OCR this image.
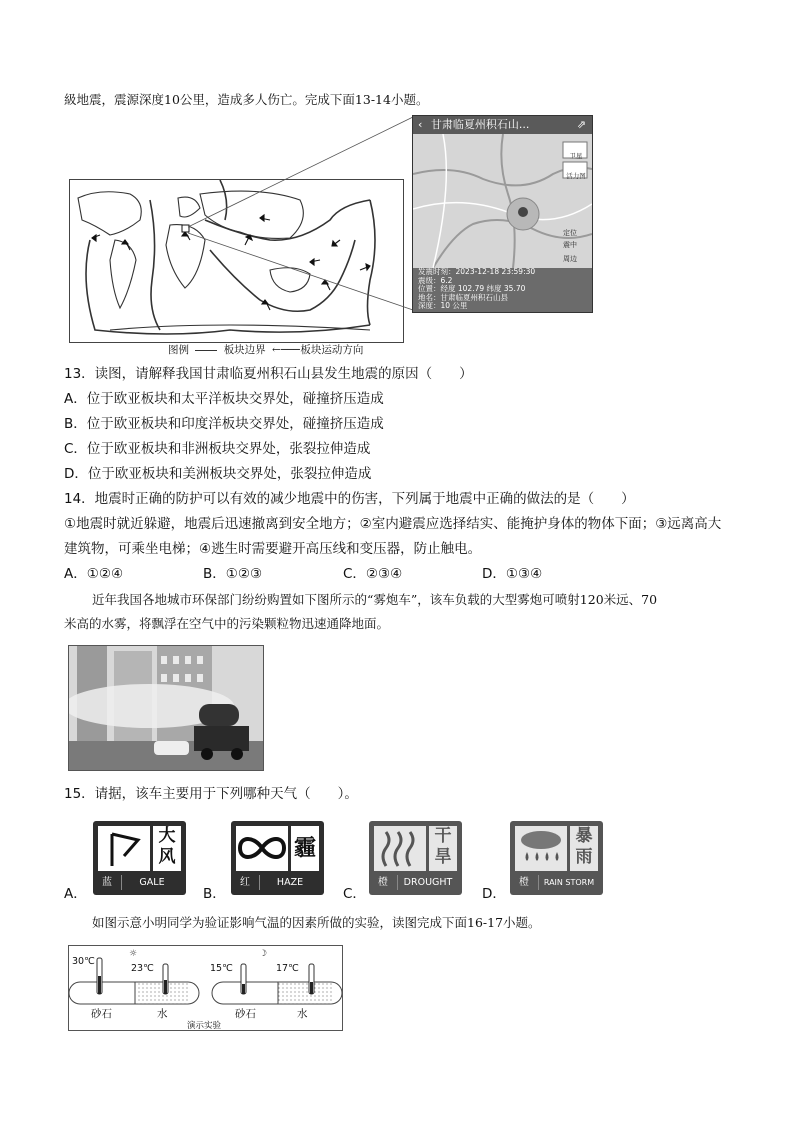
級地震，震源深度10公里，造成多人伤亡。完成下面13-14小题。
图例	板块边界 ←─── 板块运动方向
‹ 甘肃临夏州积石山...	⇗
卫星
活力图
定位
震中
周边
发震时刻：2023-12-18 23:59:30
震级：6.2
位置：经度 102.79 纬度 35.70
地名：甘肃临夏州积石山县
深度：10 公里
13．读图，请解释我国甘肃临夏州积石山县发生地震的原因（　　）
A．位于欧亚板块和太平洋板块交界处，碰撞挤压造成
B．位于欧亚板块和印度洋板块交界处，碰撞挤压造成
C．位于欧亚板块和非洲板块交界处，张裂拉伸造成
D．位于欧亚板块和美洲板块交界处，张裂拉伸造成
14．地震时正确的防护可以有效的减少地震中的伤害，下列属于地震中正确的做法的是（　　）
①地震时就近躲避，地震后迅速撤离到安全地方；②室内避震应选择结实、能掩护身体的物体下面；③远离高大
建筑物，可乘坐电梯；④逃生时需要避开高压线和变压器，防止触电。
A．①②④	B．①②③	C．②③④	D．①③④
近年我国各地城市环保部门纷纷购置如下图所示的“雾炮车”，该车负载的大型雾炮可喷射120米远、70
米高的水雾，将飘浮在空气中的污染颗粒物迅速通降地面。
15．请据，该车主要用于下列哪种天气（　　）。
A．
大风
蓝	GALE
B．
霾
红	HAZE
C．
干旱
橙	DROUGHT
D．
暴雨
橙	RAIN STORM
如图示意小明同学为验证影响气温的因素所做的实验，读图完成下面16-17小题。
☼	☽
30℃
23℃	15℃	17℃
砂石	水	砂石	水
演示实验
